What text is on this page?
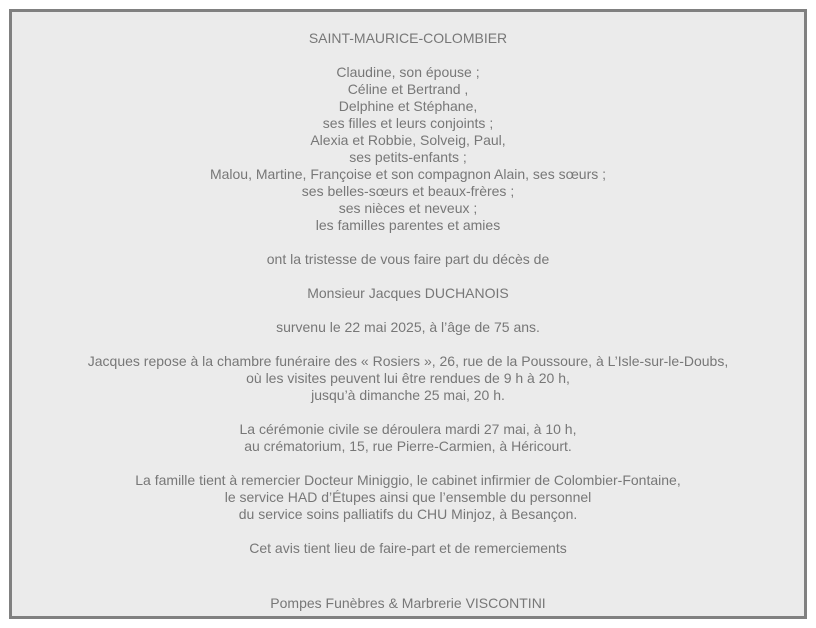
SAINT-MAURICE-COLOMBIER
Claudine, son épouse ;
Céline et Bertrand ,
Delphine et Stéphane,
ses filles et leurs conjoints ;
Alexia et Robbie, Solveig, Paul,
ses petits-enfants ;
Malou, Martine, Françoise et son compagnon Alain, ses sœurs ;
ses belles-sœurs et beaux-frères ;
ses nièces et neveux ;
les familles parentes et amies
ont la tristesse de vous faire part du décès de
Monsieur Jacques DUCHANOIS
survenu le 22 mai 2025, à l’âge de 75 ans.
Jacques repose à la chambre funéraire des « Rosiers », 26, rue de la Poussoure, à L’Isle-sur-le-Doubs,
où les visites peuvent lui être rendues de 9 h à 20 h,
jusqu’à dimanche 25 mai, 20 h.
La cérémonie civile se déroulera mardi 27 mai, à 10 h,
au crématorium, 15, rue Pierre-Carmien, à Héricourt.
La famille tient à remercier Docteur Miniggio, le cabinet infirmier de Colombier-Fontaine,
le service HAD d’Étupes ainsi que l’ensemble du personnel
du service soins palliatifs du CHU Minjoz, à Besançon.
Cet avis tient lieu de faire-part et de remerciements
Pompes Funèbres & Marbrerie VISCONTINI
